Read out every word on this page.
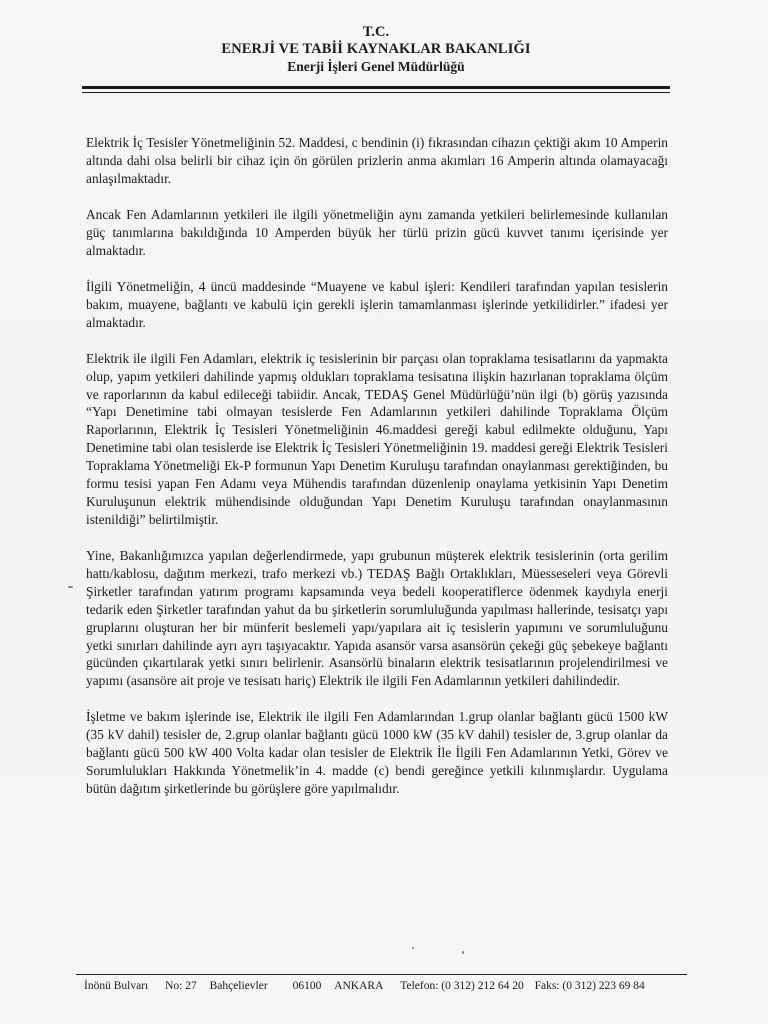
T.C.
ENERJİ VE TABİİ KAYNAKLAR BAKANLIĞI
Enerji İşleri Genel Müdürlüğü

Elektrik İç Tesisler Yönetmeliğinin 52. Maddesi, c bendinin (i) fıkrasından cihazın çektiği akım 10 Amperin altında dahi olsa belirli bir cihaz için ön görülen prizlerin anma akımları 16 Amperin altında olamayacağı anlaşılmaktadır.

Ancak Fen Adamlarının yetkileri ile ilgili yönetmeliğin aynı zamanda yetkileri belirlemesinde kullanılan güç tanımlarına bakıldığında 10 Amperden büyük her türlü prizin gücü kuvvet tanımı içerisinde yer almaktadır.

İlgili Yönetmeliğin, 4 üncü maddesinde “Muayene ve kabul işleri: Kendileri tarafından yapılan tesislerin bakım, muayene, bağlantı ve kabulü için gerekli işlerin tamamlanması işlerinde yetkilidirler.” ifadesi yer almaktadır.

Elektrik ile ilgili Fen Adamları, elektrik iç tesislerinin bir parçası olan topraklama tesisatlarını da yapmakta olup, yapım yetkileri dahilinde yapmış oldukları topraklama tesisatına ilişkin hazırlanan topraklama ölçüm ve raporlarının da kabul edileceği tabiidir. Ancak, TEDAŞ Genel Müdürlüğü’nün ilgi (b) görüş yazısında “Yapı Denetimine tabi olmayan tesislerde Fen Adamlarının yetkileri dahilinde Topraklama Ölçüm Raporlarının, Elektrik İç Tesisleri Yönetmeliğinin 46.maddesi gereği kabul edilmekte olduğunu, Yapı Denetimine tabi olan tesislerde ise Elektrik İç Tesisleri Yönetmeliğinin 19. maddesi gereği Elektrik Tesisleri Topraklama Yönetmeliği Ek-P formunun Yapı Denetim Kuruluşu tarafından onaylanması gerektiğinden, bu formu tesisi yapan Fen Adamı veya Mühendis tarafından düzenlenip onaylama yetkisinin Yapı Denetim Kuruluşunun elektrik mühendisinde olduğundan Yapı Denetim Kuruluşu tarafından onaylanmasının istenildiği” belirtilmiştir.

Yine, Bakanlığımızca yapılan değerlendirmede, yapı grubunun müşterek elektrik tesislerinin (orta gerilim hattı/kablosu, dağıtım merkezi, trafo merkezi vb.) TEDAŞ Bağlı Ortaklıkları, Müesseseleri veya Görevli Şirketler tarafından yatırım programı kapsamında veya bedeli kooperatiflerce ödenmek kaydıyla enerji tedarik eden Şirketler tarafından yahut da bu şirketlerin sorumluluğunda yapılması hallerinde, tesisatçı yapı gruplarını oluşturan her bir münferit beslemeli yapı/yapılara ait iç tesislerin yapımını ve sorumluluğunu yetki sınırları dahilinde ayrı ayrı taşıyacaktır. Yapıda asansör varsa asansörün çekeği güç şebekeye bağlantı gücünden çıkartılarak yetki sınırı belirlenir. Asansörlü binaların elektrik tesisatlarının projelendirilmesi ve yapımı (asansöre ait proje ve tesisatı hariç) Elektrik ile ilgili Fen Adamlarının yetkileri dahilindedir.

İşletme ve bakım işlerinde ise, Elektrik ile ilgili Fen Adamlarından 1.grup olanlar bağlantı gücü 1500 kW (35 kV dahil) tesisler de, 2.grup olanlar bağlantı gücü 1000 kW (35 kV dahil) tesisler de, 3.grup olanlar da bağlantı gücü 500 kW 400 Volta kadar olan tesisler de Elektrik İle İlgili Fen Adamlarının Yetki, Görev ve Sorumlulukları Hakkında Yönetmelik’in 4. madde (c) bendi gereğince yetkili kılınmışlardır. Uygulama bütün dağıtım şirketlerinde bu görüşlere göre yapılmalıdır.

İnönü Bulvarı No: 27 Bahçelievler 06100 ANKARA Telefon: (0 312) 212 64 20 Faks: (0 312) 223 69 84
